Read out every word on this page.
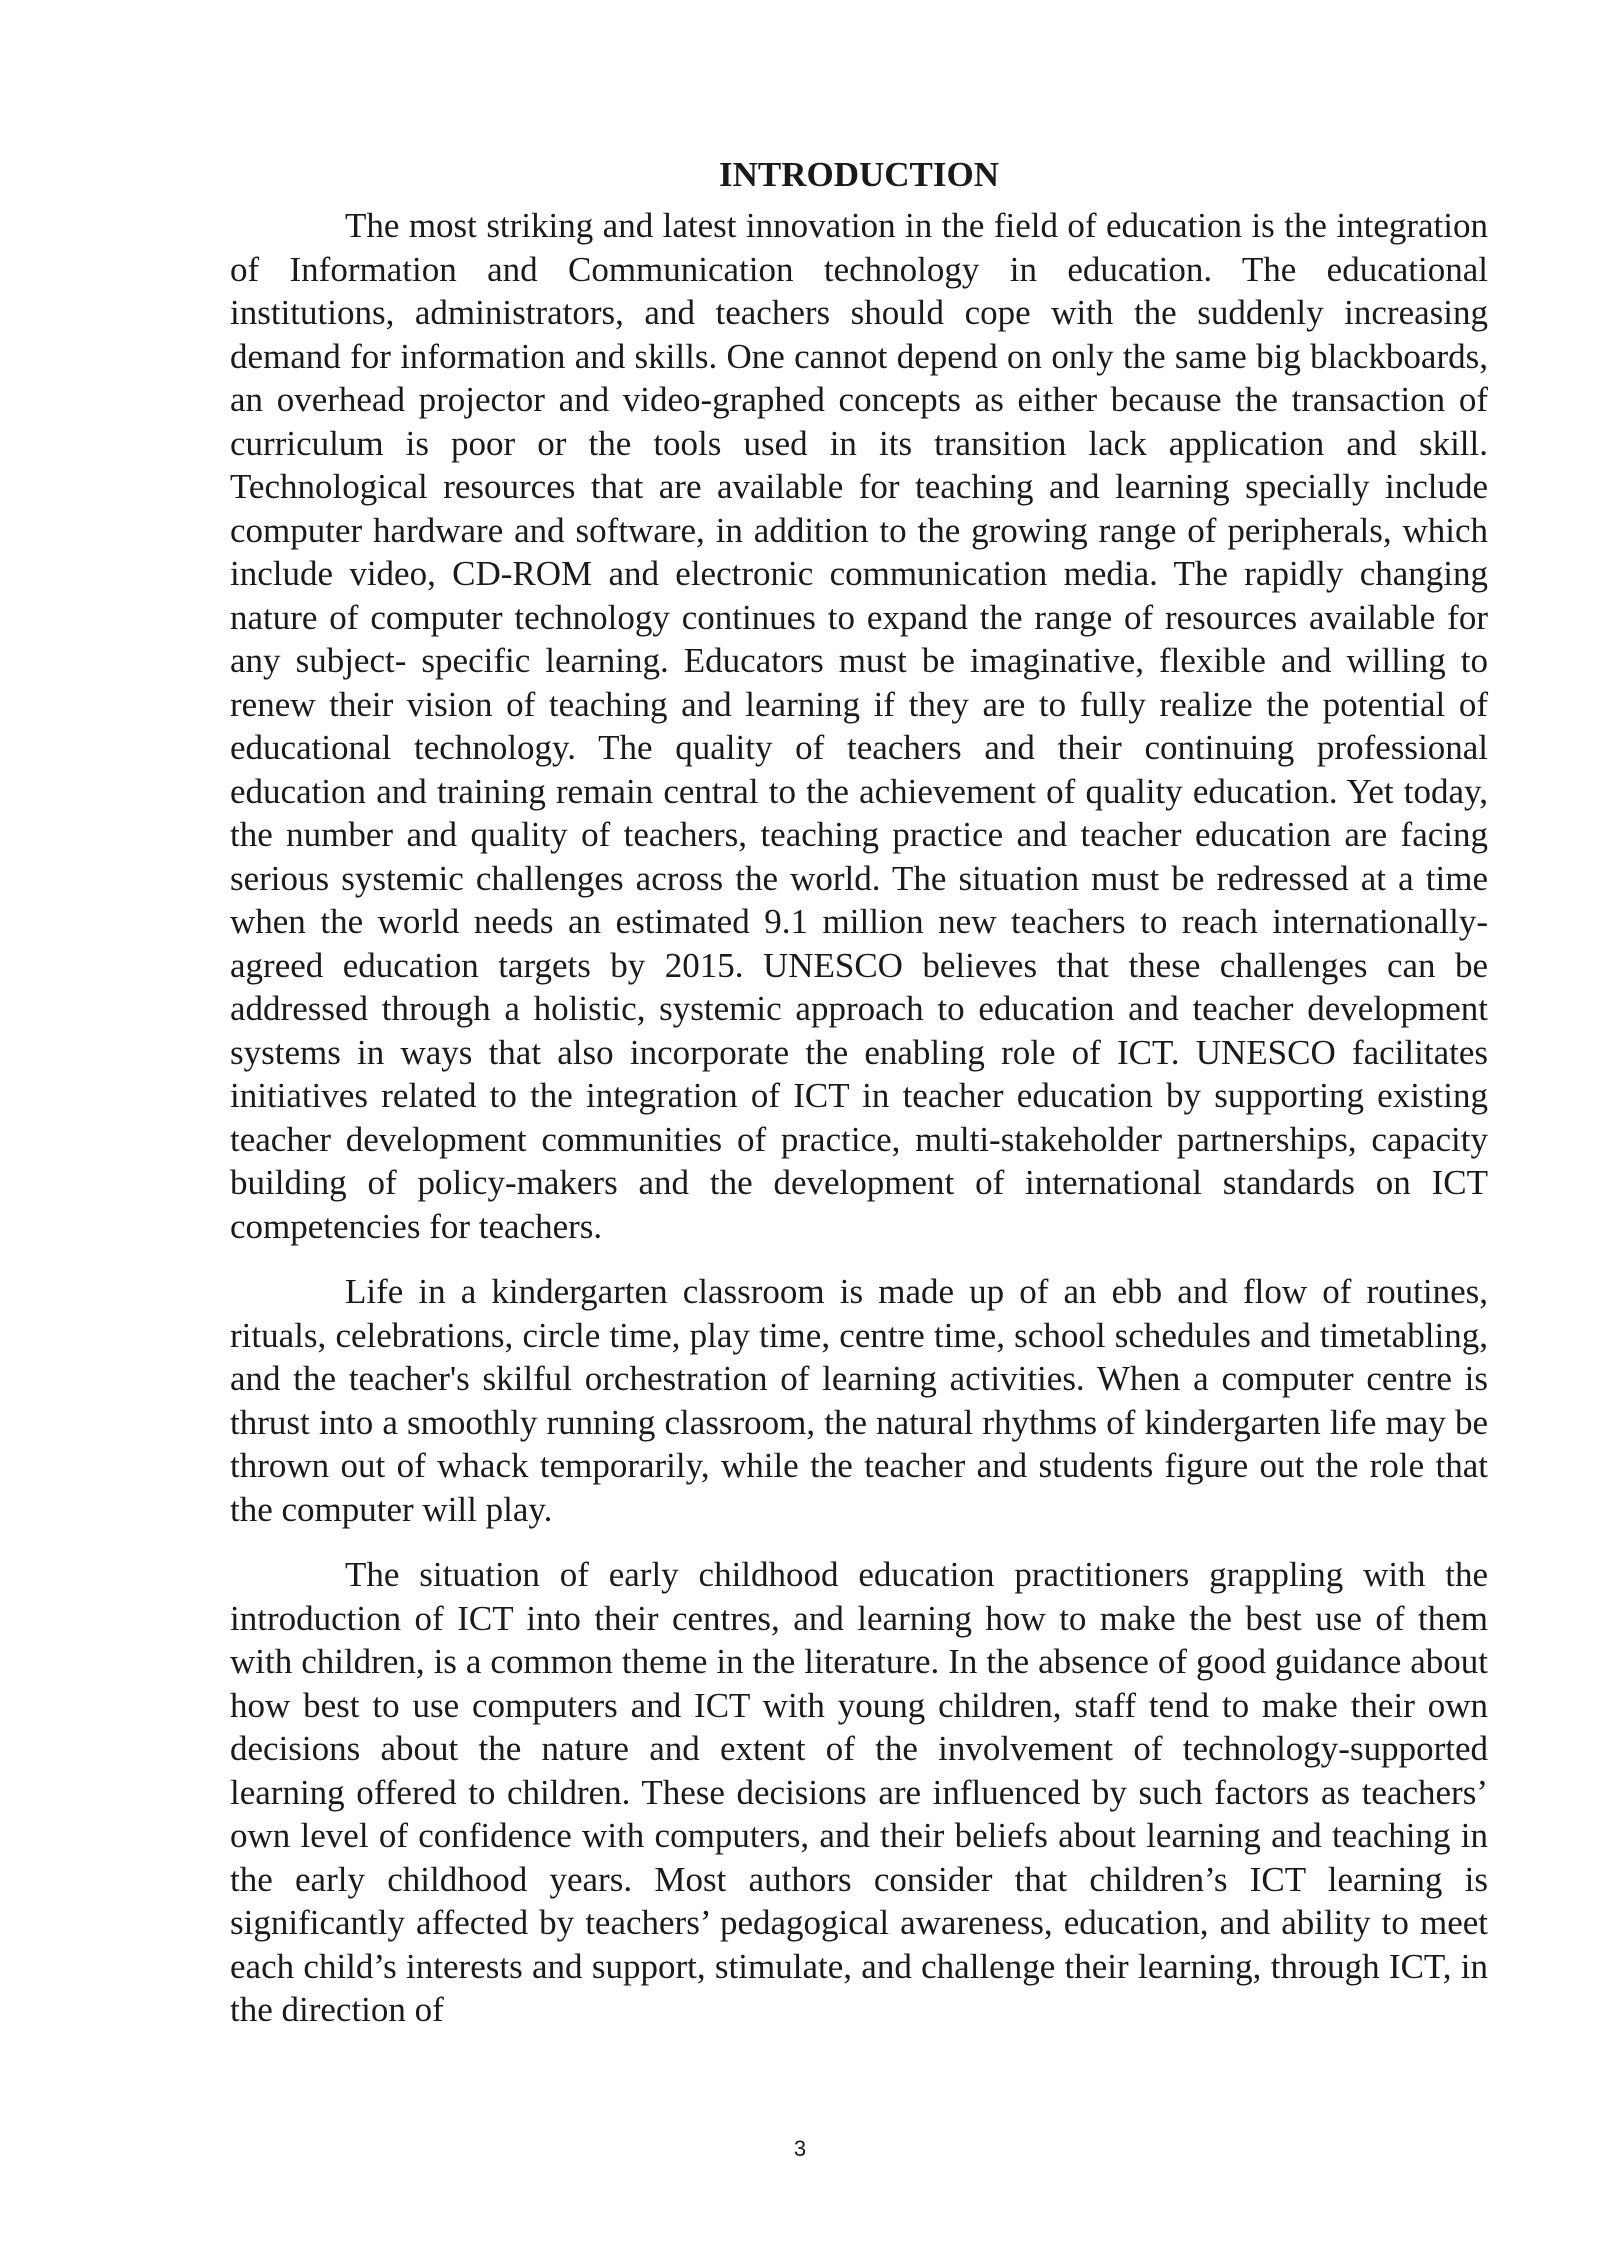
INTRODUCTION

The most striking and latest innovation in the field of education is the integration of Information and Communication technology in education. The educational institutions, administrators, and teachers should cope with the suddenly increasing demand for information and skills. One cannot depend on only the same big blackboards, an overhead projector and video-graphed concepts as either because the transaction of curriculum is poor or the tools used in its transition lack application and skill. Technological resources that are available for teaching and learning specially include computer hardware and software, in addition to the growing range of peripherals, which include video, CD-ROM and electronic communication media. The rapidly changing nature of computer technology continues to expand the range of resources available for any subject- specific learning. Educators must be imaginative, flexible and willing to renew their vision of teaching and learning if they are to fully realize the potential of educational technology. The quality of teachers and their continuing professional education and training remain central to the achievement of quality education. Yet today, the number and quality of teachers, teaching practice and teacher education are facing serious systemic challenges across the world. The situation must be redressed at a time when the world needs an estimated 9.1 million new teachers to reach internationally-agreed education targets by 2015. UNESCO believes that these challenges can be addressed through a holistic, systemic approach to education and teacher development systems in ways that also incorporate the enabling role of ICT. UNESCO facilitates initiatives related to the integration of ICT in teacher education by supporting existing teacher development communities of practice, multi-stakeholder partnerships, capacity building of policy-makers and the development of international standards on ICT competencies for teachers.

Life in a kindergarten classroom is made up of an ebb and flow of routines, rituals, celebrations, circle time, play time, centre time, school schedules and timetabling, and the teacher's skilful orchestration of learning activities. When a computer centre is thrust into a smoothly running classroom, the natural rhythms of kindergarten life may be thrown out of whack temporarily, while the teacher and students figure out the role that the computer will play.

The situation of early childhood education practitioners grappling with the introduction of ICT into their centres, and learning how to make the best use of them with children, is a common theme in the literature. In the absence of good guidance about how best to use computers and ICT with young children, staff tend to make their own decisions about the nature and extent of the involvement of technology-supported learning offered to children. These decisions are influenced by such factors as teachers’ own level of confidence with computers, and their beliefs about learning and teaching in the early childhood years. Most authors consider that children’s ICT learning is significantly affected by teachers’ pedagogical awareness, education, and ability to meet each child’s interests and support, stimulate, and challenge their learning, through ICT, in the direction of

3
